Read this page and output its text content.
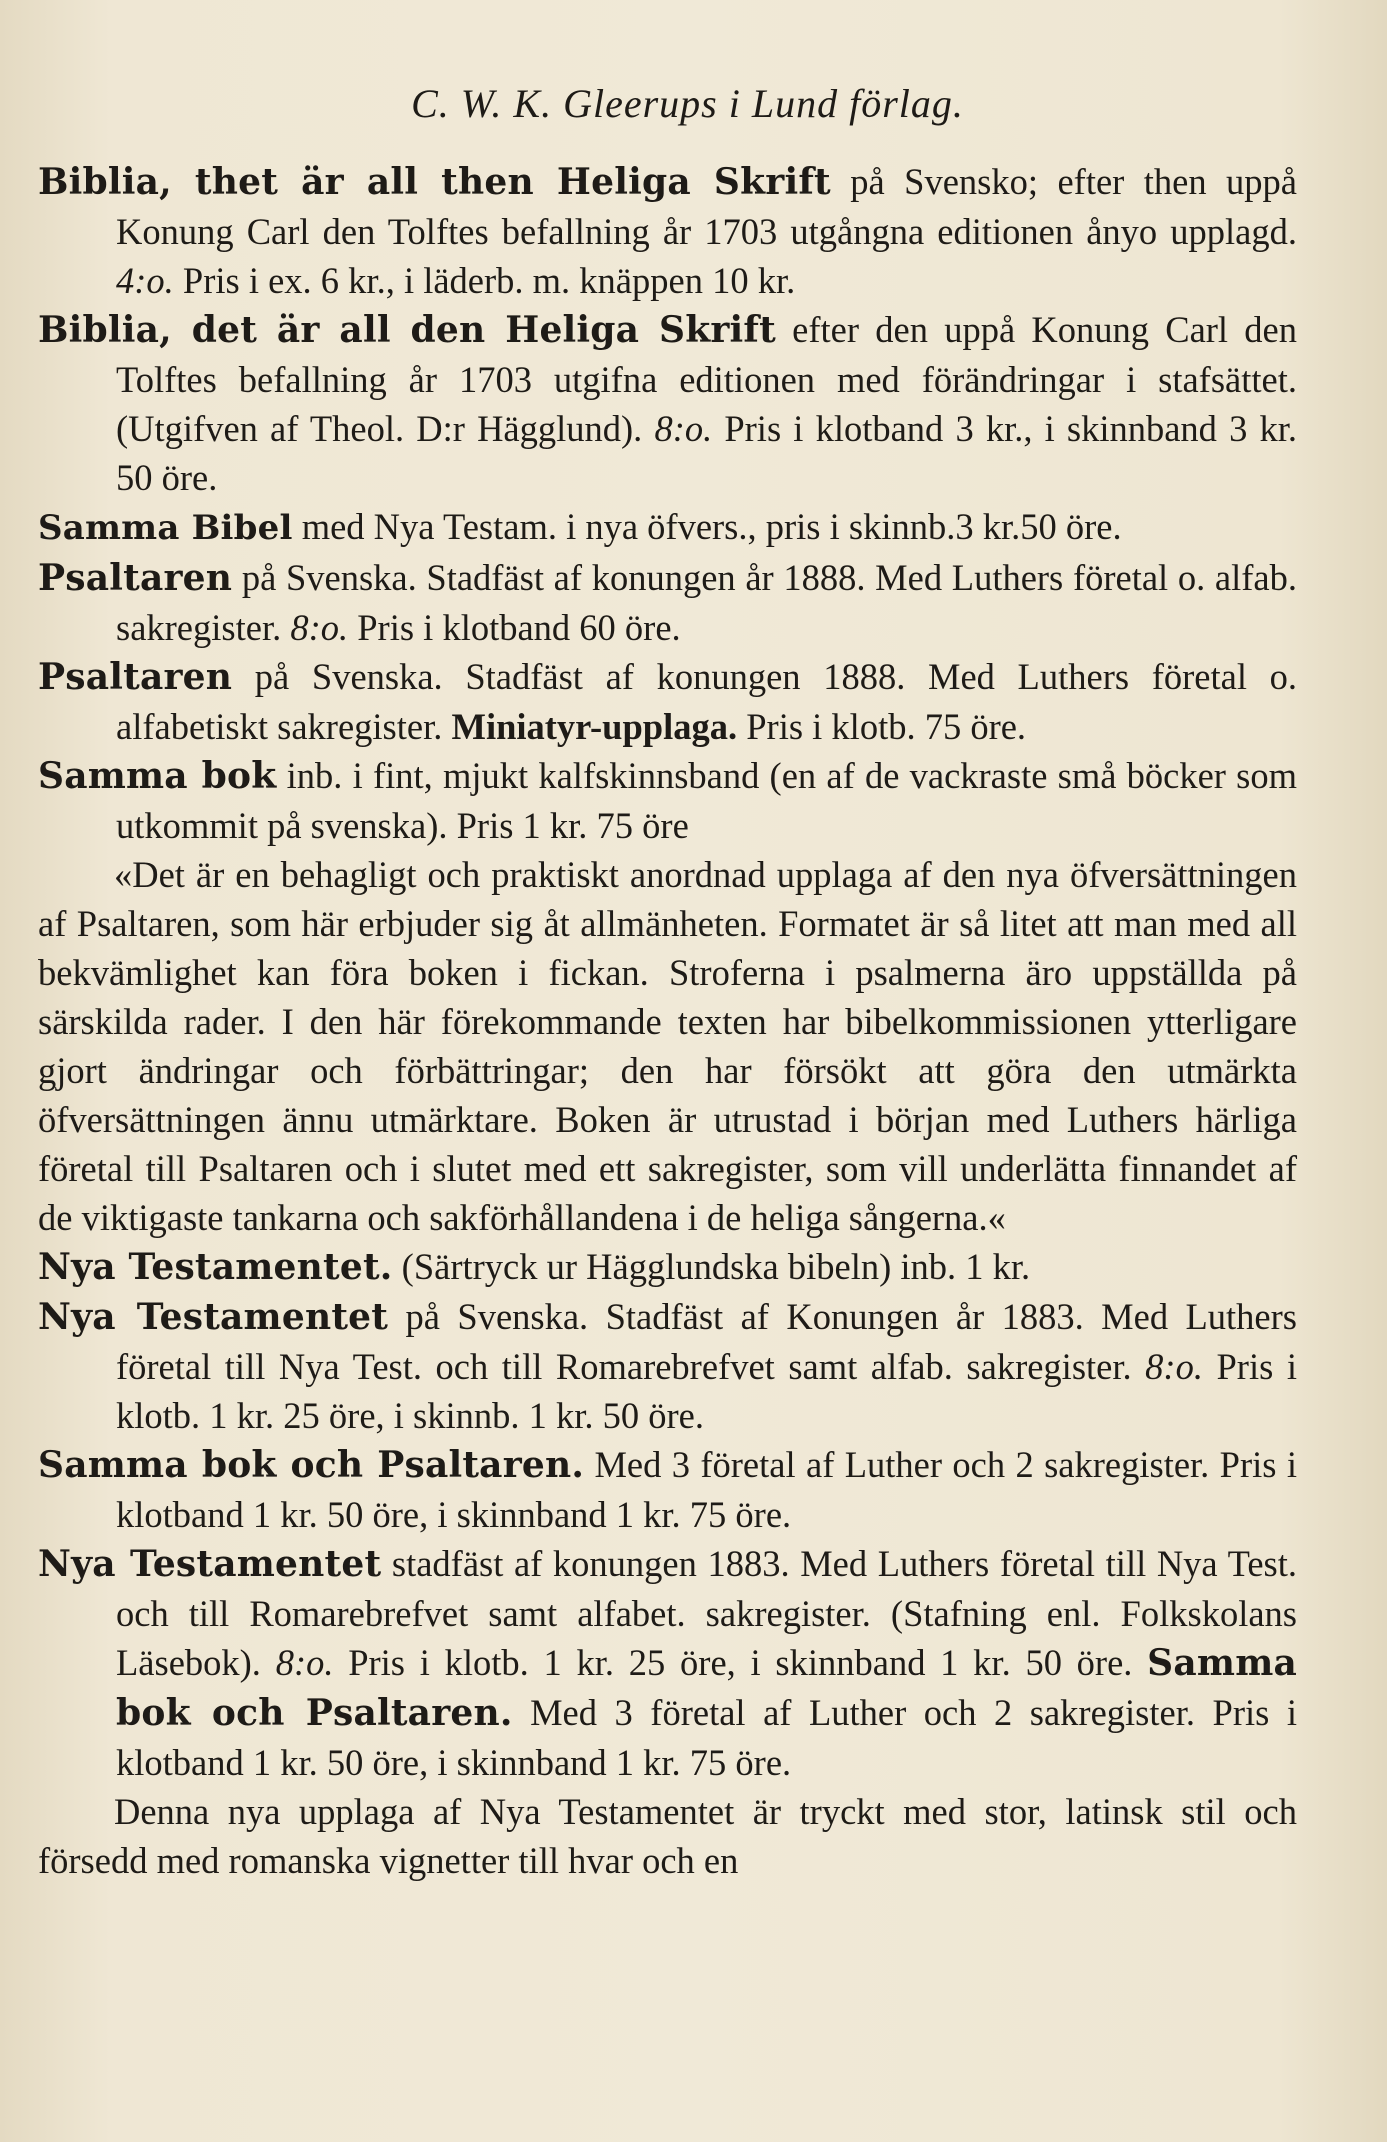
C. W. K. Gleerups i Lund förlag.

Biblia, thet är all then Heliga Skrift på Svensko; efter then uppå Konung Carl den Tolftes befallning år 1703 utgångna editionen ånyo upplagd. 4:o. Pris i ex. 6 kr., i läderb. m. knäppen 10 kr.

Biblia, det är all den Heliga Skrift efter den uppå Konung Carl den Tolftes befallning år 1703 utgifna editionen med förändringar i stafsättet. (Utgifven af Theol. D:r Hägglund). 8:o. Pris i klotband 3 kr., i skinnband 3 kr. 50 öre.

Samma Bibel med Nya Testam. i nya öfvers., pris i skinnb.3 kr.50 öre.

Psaltaren på Svenska. Stadfäst af konungen år 1888. Med Luthers företal o. alfab. sakregister. 8:o. Pris i klotband 60 öre.

Psaltaren på Svenska. Stadfäst af konungen 1888. Med Luthers företal o. alfabetiskt sakregister. Miniatyr-upplaga. Pris i klotb. 75 öre.

Samma bok inb. i fint, mjukt kalfskinnsband (en af de vackraste små böcker som utkommit på svenska). Pris 1 kr. 75 öre

«Det är en behagligt och praktiskt anordnad upplaga af den nya öfversättningen af Psaltaren, som här erbjuder sig åt allmänheten. Formatet är så litet att man med all bekvämlighet kan föra boken i fickan. Stroferna i psalmerna äro uppställda på särskilda rader. I den här förekommande texten har bibelkommissionen ytterligare gjort ändringar och förbättringar; den har försökt att göra den utmärkta öfversättningen ännu utmärktare. Boken är utrustad i början med Luthers härliga företal till Psaltaren och i slutet med ett sakregister, som vill underlätta finnandet af de viktigaste tankarna och sakförhållandena i de heliga sångerna.«

Nya Testamentet. (Särtryck ur Hägglundska bibeln) inb. 1 kr.

Nya Testamentet på Svenska. Stadfäst af Konungen år 1883. Med Luthers företal till Nya Test. och till Romarebrefvet samt alfab. sakregister. 8:o. Pris i klotb. 1 kr. 25 öre, i skinnb. 1 kr. 50 öre.

Samma bok och Psaltaren. Med 3 företal af Luther och 2 sakregister. Pris i klotband 1 kr. 50 öre, i skinnband 1 kr. 75 öre.

Nya Testamentet stadfäst af konungen 1883. Med Luthers företal till Nya Test. och till Romarebrefvet samt alfabet. sakregister. (Stafning enl. Folkskolans Läsebok). 8:o. Pris i klotb. 1 kr. 25 öre, i skinnband 1 kr. 50 öre. Samma bok och Psaltaren. Med 3 företal af Luther och 2 sakregister. Pris i klotband 1 kr. 50 öre, i skinnband 1 kr. 75 öre.

Denna nya upplaga af Nya Testamentet är tryckt med stor, latinsk stil och försedd med romanska vignetter till hvar och en
